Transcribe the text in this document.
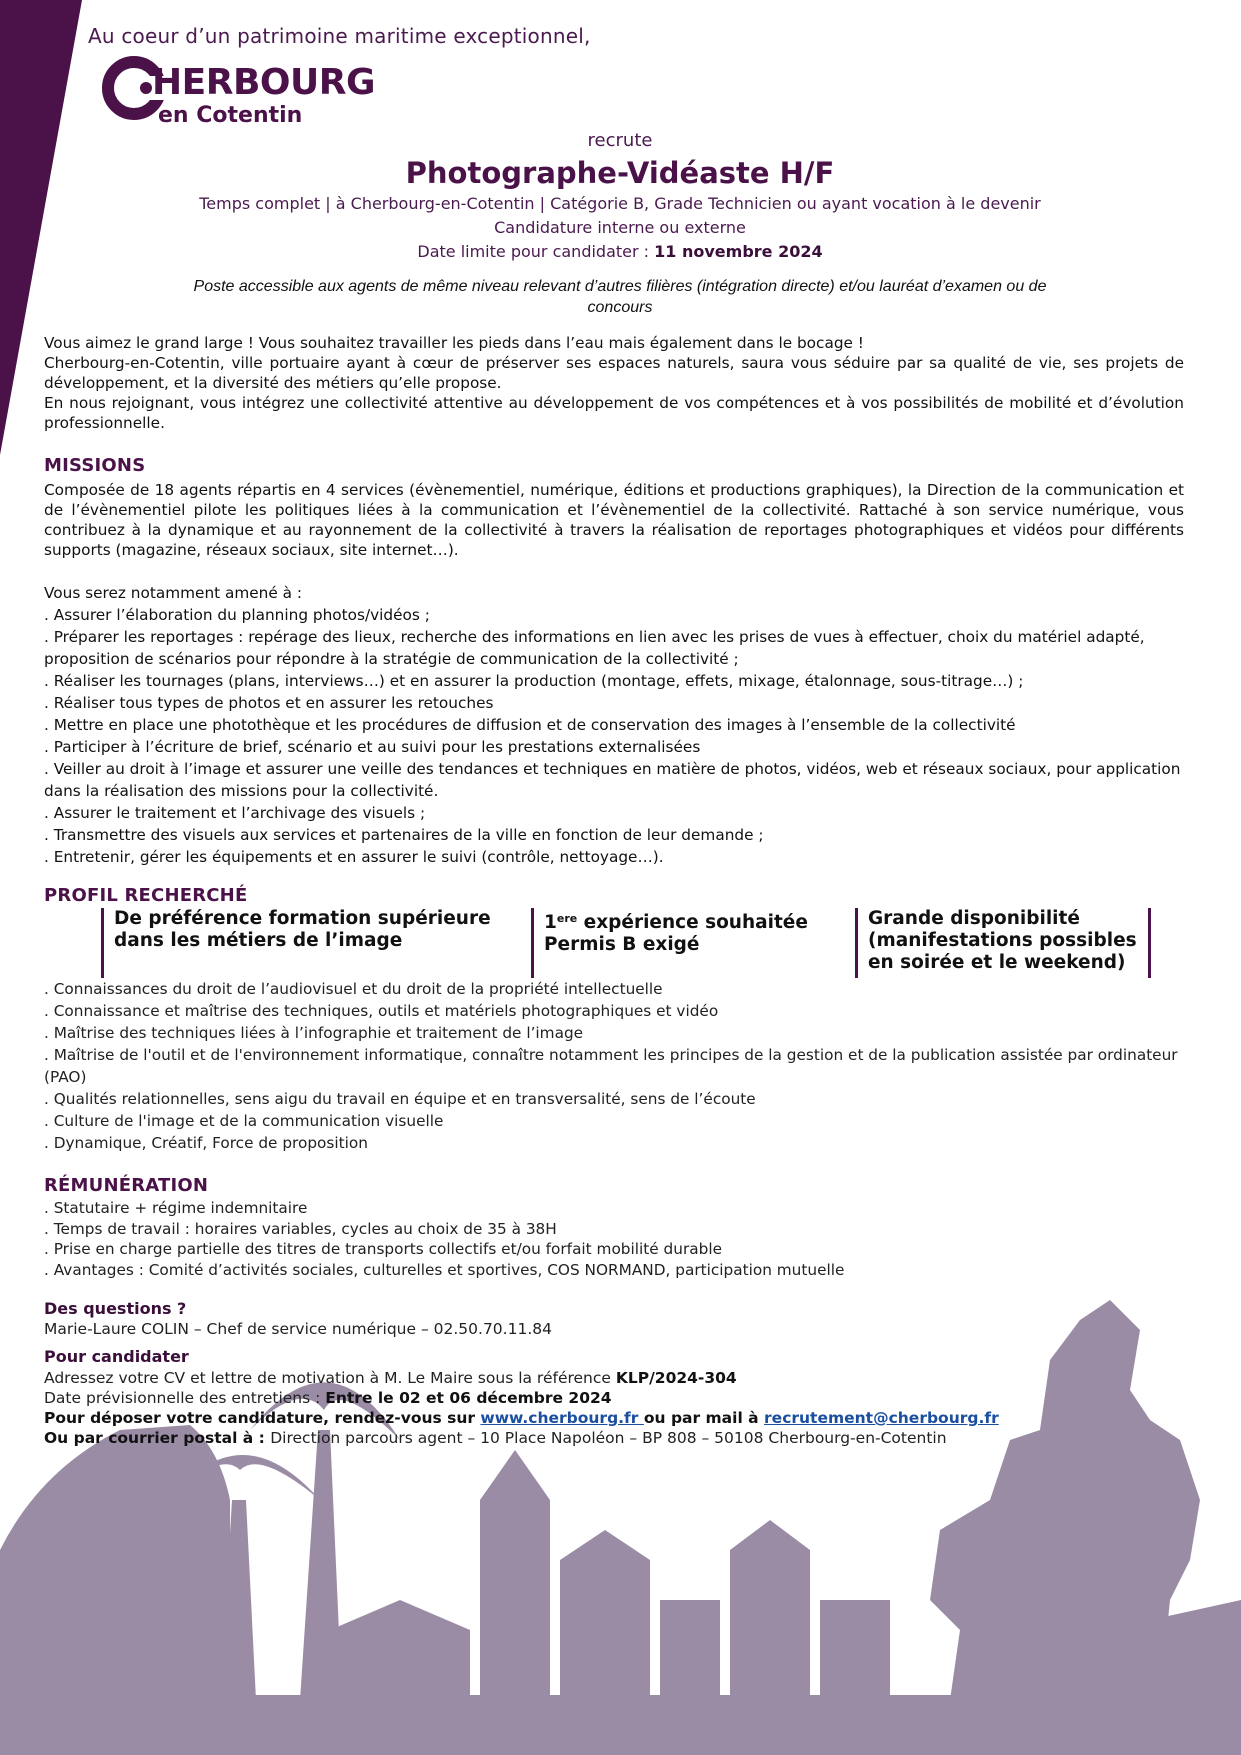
Au coeur d’un patrimoine maritime exceptionnel,
HERBOURG
en Cotentin
recrute
Photographe-Vidéaste H/F
Temps complet | à Cherbourg-en-Cotentin | Catégorie B, Grade Technicien ou ayant vocation à le devenir
Candidature interne ou externe
Date limite pour candidater : 11 novembre 2024
Poste accessible aux agents de même niveau relevant d’autres filières (intégration directe) et/ou lauréat d’examen ou de concours

Vous aimez le grand large ! Vous souhaitez travailler les pieds dans l’eau mais également dans le bocage !

Cherbourg-en-Cotentin, ville portuaire ayant à cœur de préserver ses espaces naturels, saura vous séduire par sa qualité de vie, ses projets de développement, et la diversité des métiers qu’elle propose.

En nous rejoignant, vous intégrez une collectivité attentive au développement de vos compétences et à vos possibilités de mobilité et d’évolution professionnelle.

MISSIONS

Composée de 18 agents répartis en 4 services (évènementiel, numérique, éditions et productions graphiques), la Direction de la communication et de l’évènementiel pilote les politiques liées à la communication et l’évènementiel de la collectivité. Rattaché à son service numérique, vous contribuez à la dynamique et au rayonnement de la collectivité à travers la réalisation de reportages photographiques et vidéos pour différents supports (magazine, réseaux sociaux, site internet…).

Vous serez notamment amené à :

. Assurer l’élaboration du planning photos/vidéos ;
. Préparer les reportages : repérage des lieux, recherche des informations en lien avec les prises de vues à effectuer, choix du matériel adapté, proposition de scénarios pour répondre à la stratégie de communication de la collectivité ;
. Réaliser les tournages (plans, interviews…) et en assurer la production (montage, effets, mixage, étalonnage, sous-titrage…) ;
. Réaliser tous types de photos et en assurer les retouches
. Mettre en place une photothèque et les procédures de diffusion et de conservation des images à l’ensemble de la collectivité
. Participer à l’écriture de brief, scénario et au suivi pour les prestations externalisées
. Veiller au droit à l’image et assurer une veille des tendances et techniques en matière de photos, vidéos, web et réseaux sociaux, pour application dans la réalisation des missions pour la collectivité.
. Assurer le traitement et l’archivage des visuels ;
. Transmettre des visuels aux services et partenaires de la ville en fonction de leur demande ;
. Entretenir, gérer les équipements et en assurer le suivi (contrôle, nettoyage…).
PROFIL RECHERCHÉ
De préférence formation supérieure
dans les métiers de l’image
1ere expérience souhaitée
Permis B exigé
Grande disponibilité
(manifestations possibles
en soirée et le weekend)
. Connaissances du droit de l’audiovisuel et du droit de la propriété intellectuelle
. Connaissance et maîtrise des techniques, outils et matériels photographiques et vidéo
. Maîtrise des techniques liées à l’infographie et traitement de l’image
. Maîtrise de l'outil et de l'environnement informatique, connaître notamment les principes de la gestion et de la publication assistée par ordinateur (PAO)
. Qualités relationnelles, sens aigu du travail en équipe et en transversalité, sens de l’écoute
. Culture de l'image et de la communication visuelle
. Dynamique, Créatif, Force de proposition
RÉMUNÉRATION
. Statutaire + régime indemnitaire
. Temps de travail : horaires variables, cycles au choix de 35 à 38H
. Prise en charge partielle des titres de transports collectifs et/ou forfait mobilité durable
. Avantages : Comité d’activités sociales, culturelles et sportives, COS NORMAND, participation mutuelle
Des questions ?
Marie-Laure COLIN – Chef de service numérique – 02.50.70.11.84
Pour candidater
Adressez votre CV et lettre de motivation à M. Le Maire sous la référence KLP/2024-304
Date prévisionnelle des entretiens : Entre le 02 et 06 décembre 2024
Pour déposer votre candidature, rendez-vous sur www.cherbourg.fr ou par mail à recrutement@cherbourg.fr
Ou par courrier postal à : Direction parcours agent – 10 Place Napoléon – BP 808 – 50108 Cherbourg-en-Cotentin
